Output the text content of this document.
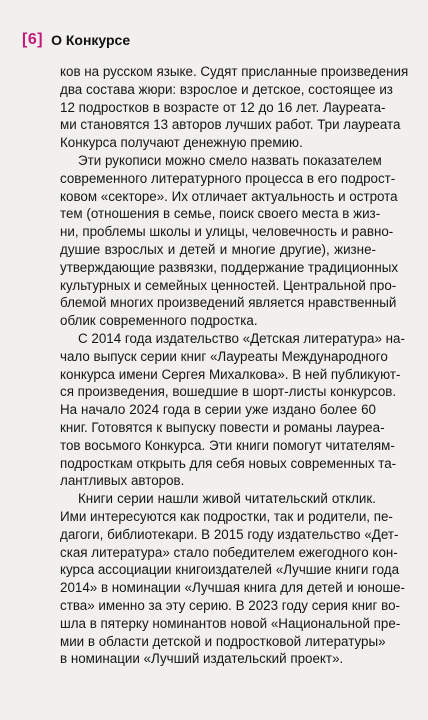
[6] О Конкурсе

ков на русском языке. Судят присланные произведения
два состава жюри: взрослое и детское, состоящее из
12 подростков в возрасте от 12 до 16 лет. Лауреата-
ми становятся 13 авторов лучших работ. Три лауреата
Конкурса получают денежную премию.

Эти рукописи можно смело назвать показателем
современного литературного процесса в его подрост-
ковом «секторе». Их отличает актуальность и острота
тем (отношения в семье, поиск своего места в жиз-
ни, проблемы школы и улицы, человечность и равно-
душие взрослых и детей и многие другие), жизне-
утверждающие развязки, поддержание традиционных
культурных и семейных ценностей. Центральной про-
блемой многих произведений является нравственный
облик современного подростка.

С 2014 года издательство «Детская литература» на-
чало выпуск серии книг «Лауреаты Международного
конкурса имени Сергея Михалкова». В ней публикуют-
ся произведения, вошедшие в шорт-листы конкурсов.
На начало 2024 года в серии уже издано более 60
книг. Готовятся к выпуску повести и романы лауреа-
тов восьмого Конкурса. Эти книги помогут читателям-
подросткам открыть для себя новых современных та-
лантливых авторов.

Книги серии нашли живой читательский отклик.
Ими интересуются как подростки, так и родители, пе-
дагоги, библиотекари. В 2015 году издательство «Дет-
ская литература» стало победителем ежегодного кон-
курса ассоциации книгоиздателей «Лучшие книги года
2014» в номинации «Лучшая книга для детей и юноше-
ства» именно за эту серию. В 2023 году серия книг во-
шла в пятерку номинантов новой «Национальной пре-
мии в области детской и подростковой литературы»
в номинации «Лучший издательский проект».
